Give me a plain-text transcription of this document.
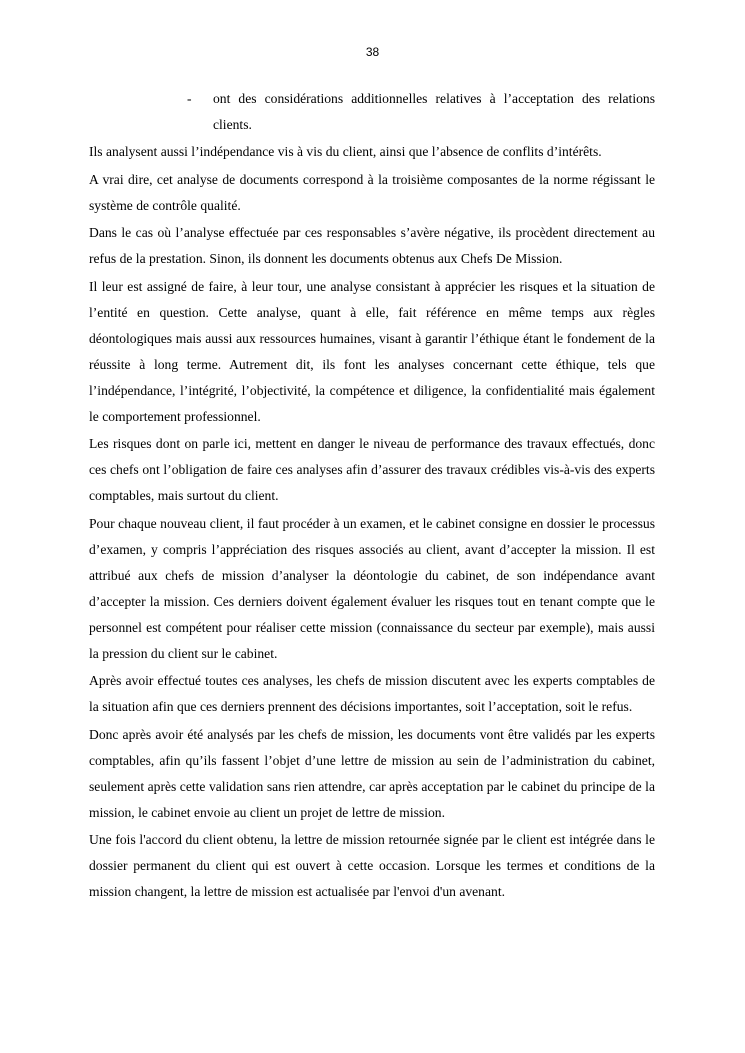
38
-	ont des considérations additionnelles relatives à l’acceptation des relations clients.

Ils analysent aussi l’indépendance vis à vis du client, ainsi que l’absence de conflits d’intérêts.

A vrai dire, cet analyse de documents correspond à la troisième composantes de la norme régissant le système de contrôle qualité.

Dans le cas où l’analyse effectuée par ces responsables s’avère négative, ils procèdent directement au refus de la prestation. Sinon, ils donnent les documents obtenus aux Chefs De Mission.

Il leur est assigné de faire, à leur tour, une analyse consistant à apprécier les risques et la situation de l’entité en question. Cette analyse, quant à elle, fait référence en même temps aux règles déontologiques mais aussi aux ressources humaines, visant à garantir l’éthique étant le fondement de la réussite à long terme. Autrement dit, ils font les analyses concernant cette éthique, tels que l’indépendance, l’intégrité, l’objectivité, la compétence et diligence, la confidentialité mais également le comportement professionnel.

Les risques dont on parle ici, mettent en danger le niveau de performance des travaux effectués, donc ces chefs ont l’obligation de faire ces analyses afin d’assurer des travaux crédibles vis-à-vis des experts comptables, mais surtout du client.

Pour chaque nouveau client, il faut procéder à un examen, et le cabinet consigne en dossier le processus d’examen, y compris l’appréciation des risques associés au client, avant d’accepter la mission. Il est attribué aux chefs de mission d’analyser la déontologie du cabinet, de son indépendance avant d’accepter la mission. Ces derniers doivent également évaluer les risques tout en tenant compte que le personnel est compétent pour réaliser cette mission (connaissance du secteur par exemple), mais aussi la pression du client sur le cabinet.

Après avoir effectué toutes ces analyses, les chefs de mission discutent avec les experts comptables de la situation afin que ces derniers prennent des décisions importantes, soit l’acceptation, soit le refus.

Donc après avoir été analysés par les chefs de mission, les documents vont être validés par les experts comptables, afin qu’ils fassent l’objet d’une lettre de mission au sein de l’administration du cabinet, seulement après cette validation sans rien attendre, car après acceptation par le cabinet du principe de la mission, le cabinet envoie au client un projet de lettre de mission.

Une fois l'accord du client obtenu, la lettre de mission retournée signée par le client est intégrée dans le dossier permanent du client qui est ouvert à cette occasion. Lorsque les termes et conditions de la mission changent, la lettre de mission est actualisée par l'envoi d'un avenant.
